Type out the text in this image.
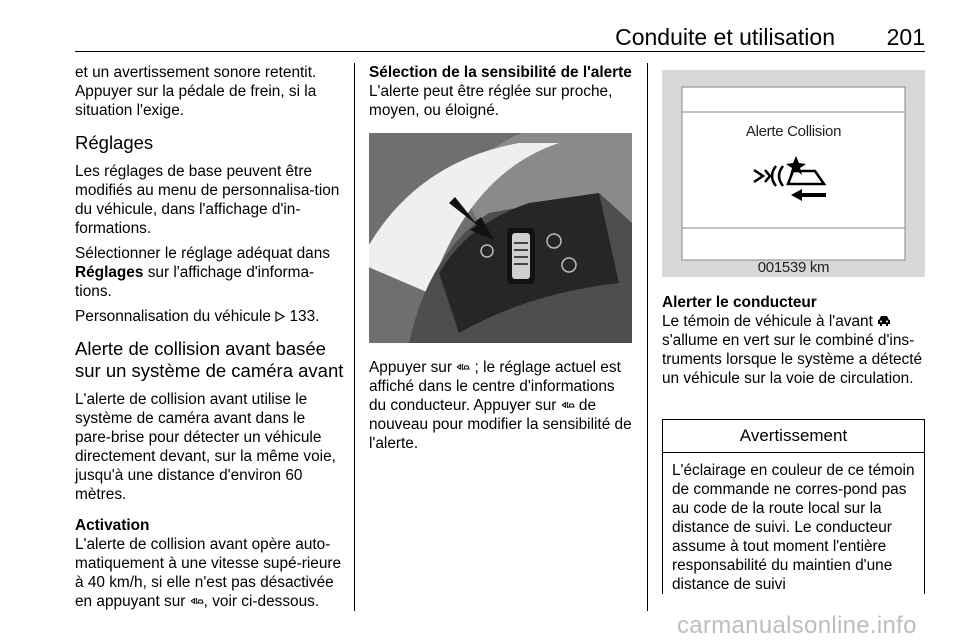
Conduite et utilisation 201

et un avertissement sonore retentit. Appuyer sur la pédale de frein, si la situation l'exige.

Réglages

Les réglages de base peuvent être modifiés au menu de personnalisa-tion du véhicule, dans l'affichage d'in-formations.

Sélectionner le réglage adéquat dans Réglages sur l'affichage d'informa-tions.

Personnalisation du véhicule  133.

Alerte de collision avant basée sur un système de caméra avant

L'alerte de collision avant utilise le système de caméra avant dans le pare-brise pour détecter un véhicule directement devant, sur la même voie, jusqu'à une distance d'environ 60 mètres.

Activation

L'alerte de collision avant opère auto-matiquement à une vitesse supé-rieure à 40 km/h, si elle n'est pas désactivée en appuyant sur , voir ci-dessous.

Sélection de la sensibilité de l'alerte

L'alerte peut être réglée sur proche, moyen, ou éloigné.

Appuyer sur  ; le réglage actuel est affiché dans le centre d'informations du conducteur. Appuyer sur  de nouveau pour modifier la sensibilité de l'alerte.

Alerte Collision
001539 km

Alerter le conducteur

Le témoin de véhicule à l'avant  s'allume en vert sur le combiné d'ins-truments lorsque le système a détecté un véhicule sur la voie de circulation.

Avertissement
L'éclairage en couleur de ce témoin de commande ne corres-pond pas au code de la route local sur la distance de suivi. Le conducteur assume à tout moment l'entière responsabilité du maintien d'une distance de suivi
carmanualsonline.info
